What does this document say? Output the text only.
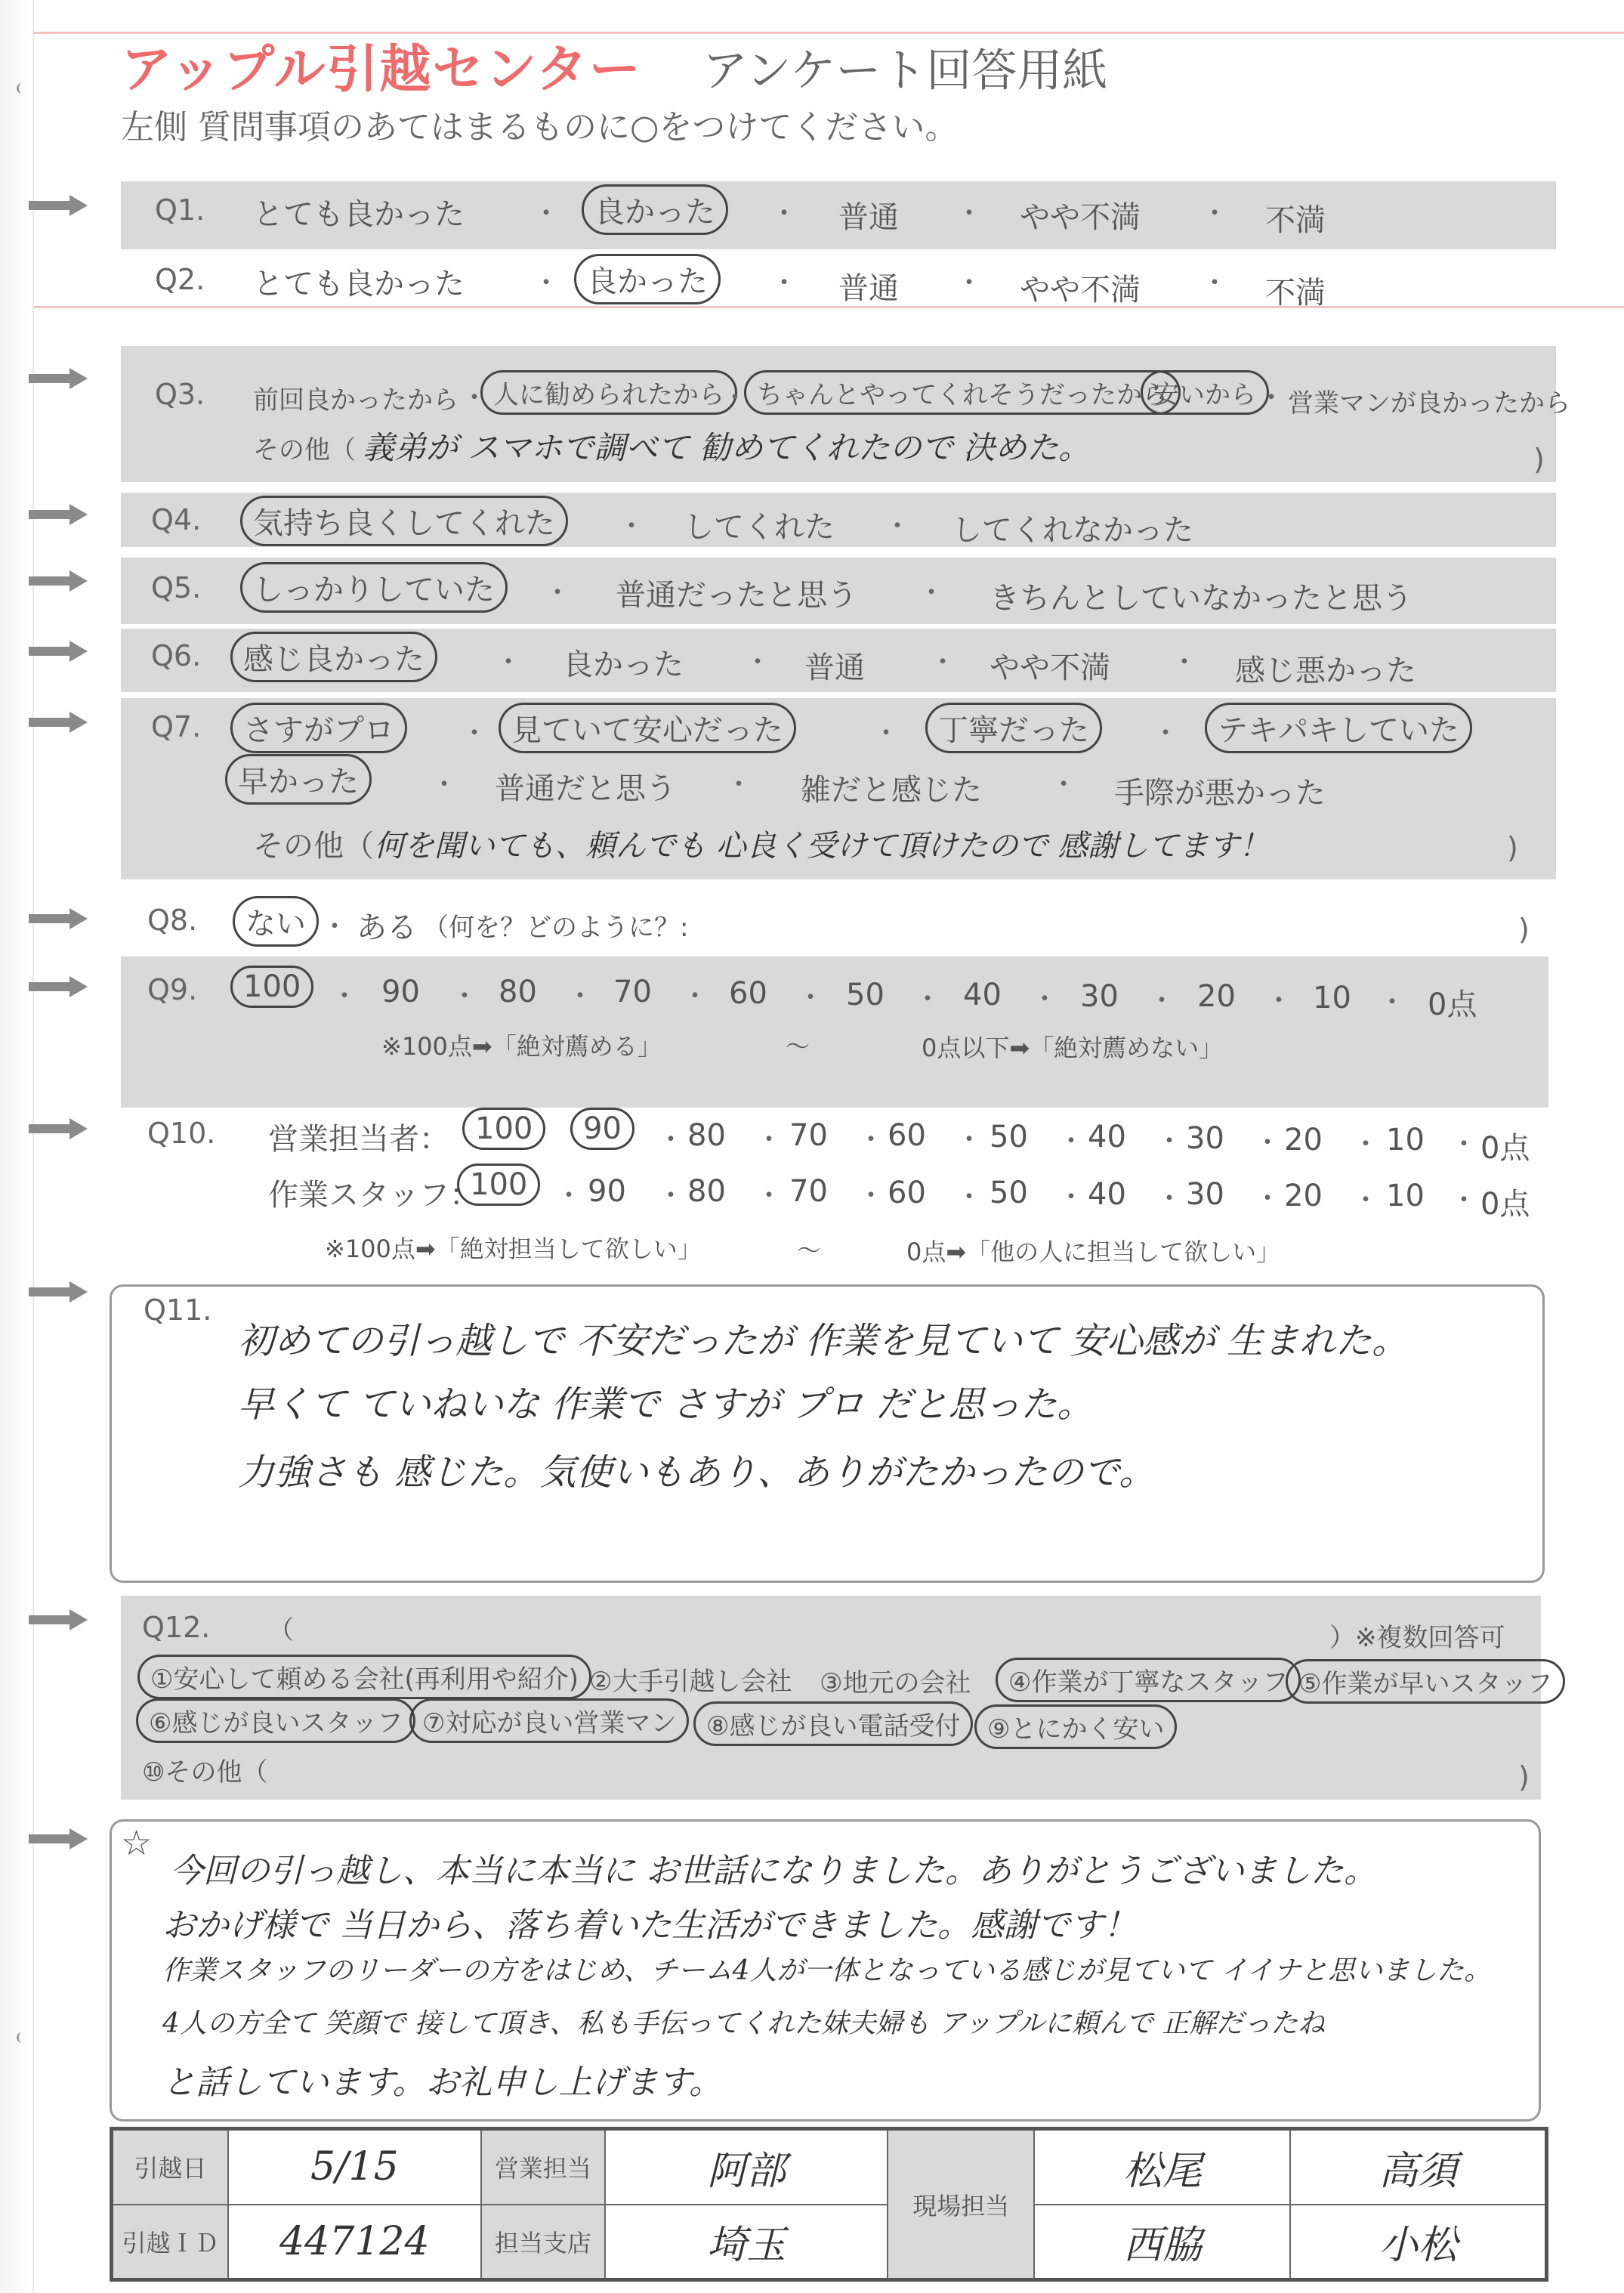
アップル引越センター アンケート回答用紙
左側 質問事項のあてはまるものに○をつけてください。
Q1. とても良かった	・	良かった	・ 普通 ・ やや不満 ・ 不満
Q2. とても良かった	・ 良かった	・ 普通 ・ やや不満 ・ 不満
Q3. 前回良かったから ・ 人に勧められたから
・ ちゃんとやってくれそうだったから
安いから ・ 営業マンが良かったから
その他（ 義弟が スマホで調べて 勧めてくれたので 決めた。	)
Q4.	気持ち良くしてくれた	・ してくれた ・ してくれなかった
Q5.	しっかりしていた	・ 普通だったと思う ・ きちんとしていなかったと思う
Q6.	感じ良かった	・ 良かった ・ 普通 ・ やや不満 ・ 感じ悪かった
Q7.	さすがプロ	・ 見ていて安心だった	・	丁寧だった	・	テキパキしていた
早かった	・ 普通だと思う ・ 雑だと感じた	・ 手際が悪かった
その他（ 何を聞いても、頼んでも 心良く受けて頂けたので 感謝してます！	)
Q8.	ない ・ ある （何を？どのように？:	)
Q9.	100	・ 90 ・ 80 ・ 70 ・ 60 ・ 50 ・ 40 ・ 30 ・ 20 ・ 10 ・ 0点
※100点➡「絶対薦める」	〜	0点以下➡「絶対薦めない」
Q10. 営業担当者： 100	90	・ 80 ・ 70 ・ 60 ・ 50 ・ 40 ・ 30 ・ 20 ・ 10 ・ 0点
作業スタッフ：
100	・ 90 ・ 80 ・ 70 ・ 60 ・ 50 ・ 40 ・ 30 ・ 20 ・ 10 ・ 0点
※100点➡「絶対担当して欲しい」	〜	0点➡「他の人に担当して欲しい」
Q11.
初めての引っ越しで 不安だったが 作業を見ていて 安心感が 生まれた。
早くて ていねいな 作業で さすが プロ だと思った。
力強さも 感じた。気使いもあり、ありがたかったので。
Q12. （	）※複数回答可
①安心して頼める会社(再利用や紹介) ②大手引越し会社 ③地元の会社	④作業が丁寧なスタッフ ⑤作業が早いスタッフ
⑥感じが良いスタッフ ⑦対応が良い営業マン	⑧感じが良い電話受付	⑨とにかく安い
⑩その他（	)
☆
今回の引っ越し、本当に本当に お世話になりました。ありがとうございました。
おかげ様で 当日から、落ち着いた生活ができました。感謝です！
作業スタッフのリーダーの方をはじめ、チーム4人が一体となっている感じが見ていて イイナと思いました。
4人の方全て 笑顔で 接して頂き、私も手伝ってくれた妹夫婦も アップルに頼んで 正解だったね
と話しています。お礼申し上げます。
引越日	5/15	営業担当	阿部	現場担当	松尾	高須
引越ＩＤ	447124	担当支店	埼玉		西脇	小松
